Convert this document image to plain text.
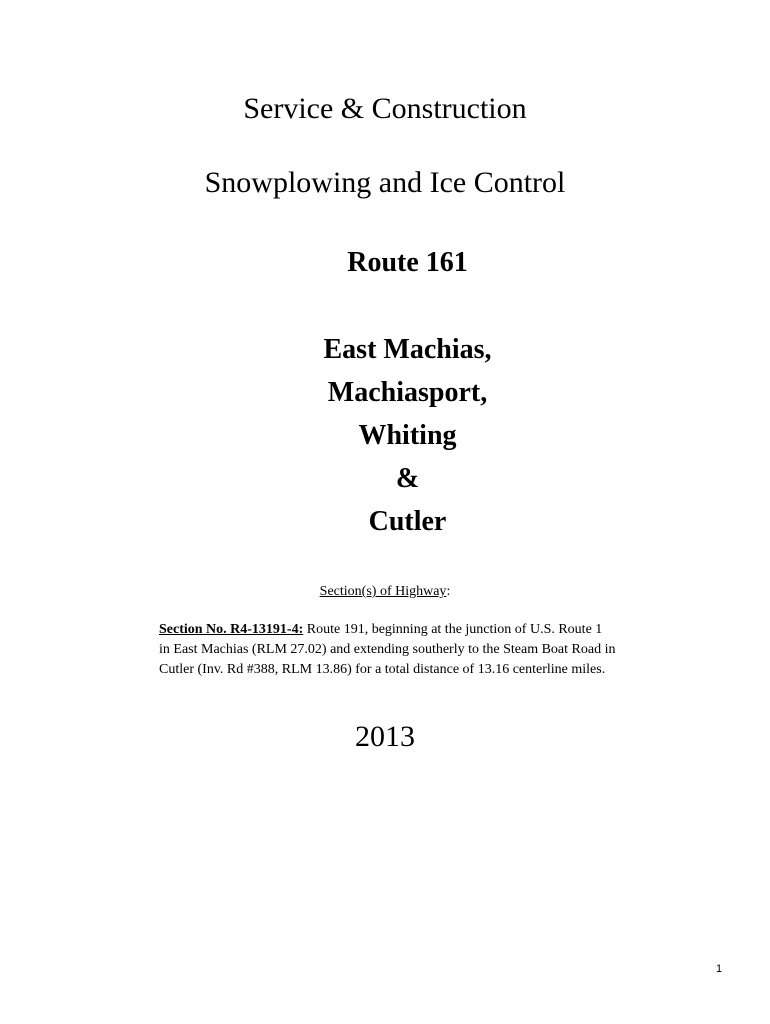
Service & Construction
Snowplowing and Ice Control
Route 161
East Machias,
Machiasport,
Whiting
&
Cutler
Section(s) of Highway:
Section No. R4-13191-4: Route 191, beginning at the junction of U.S. Route 1
in East Machias (RLM 27.02) and extending southerly to the Steam Boat Road in
Cutler (Inv. Rd #388, RLM 13.86) for a total distance of 13.16 centerline miles.
2013
1
